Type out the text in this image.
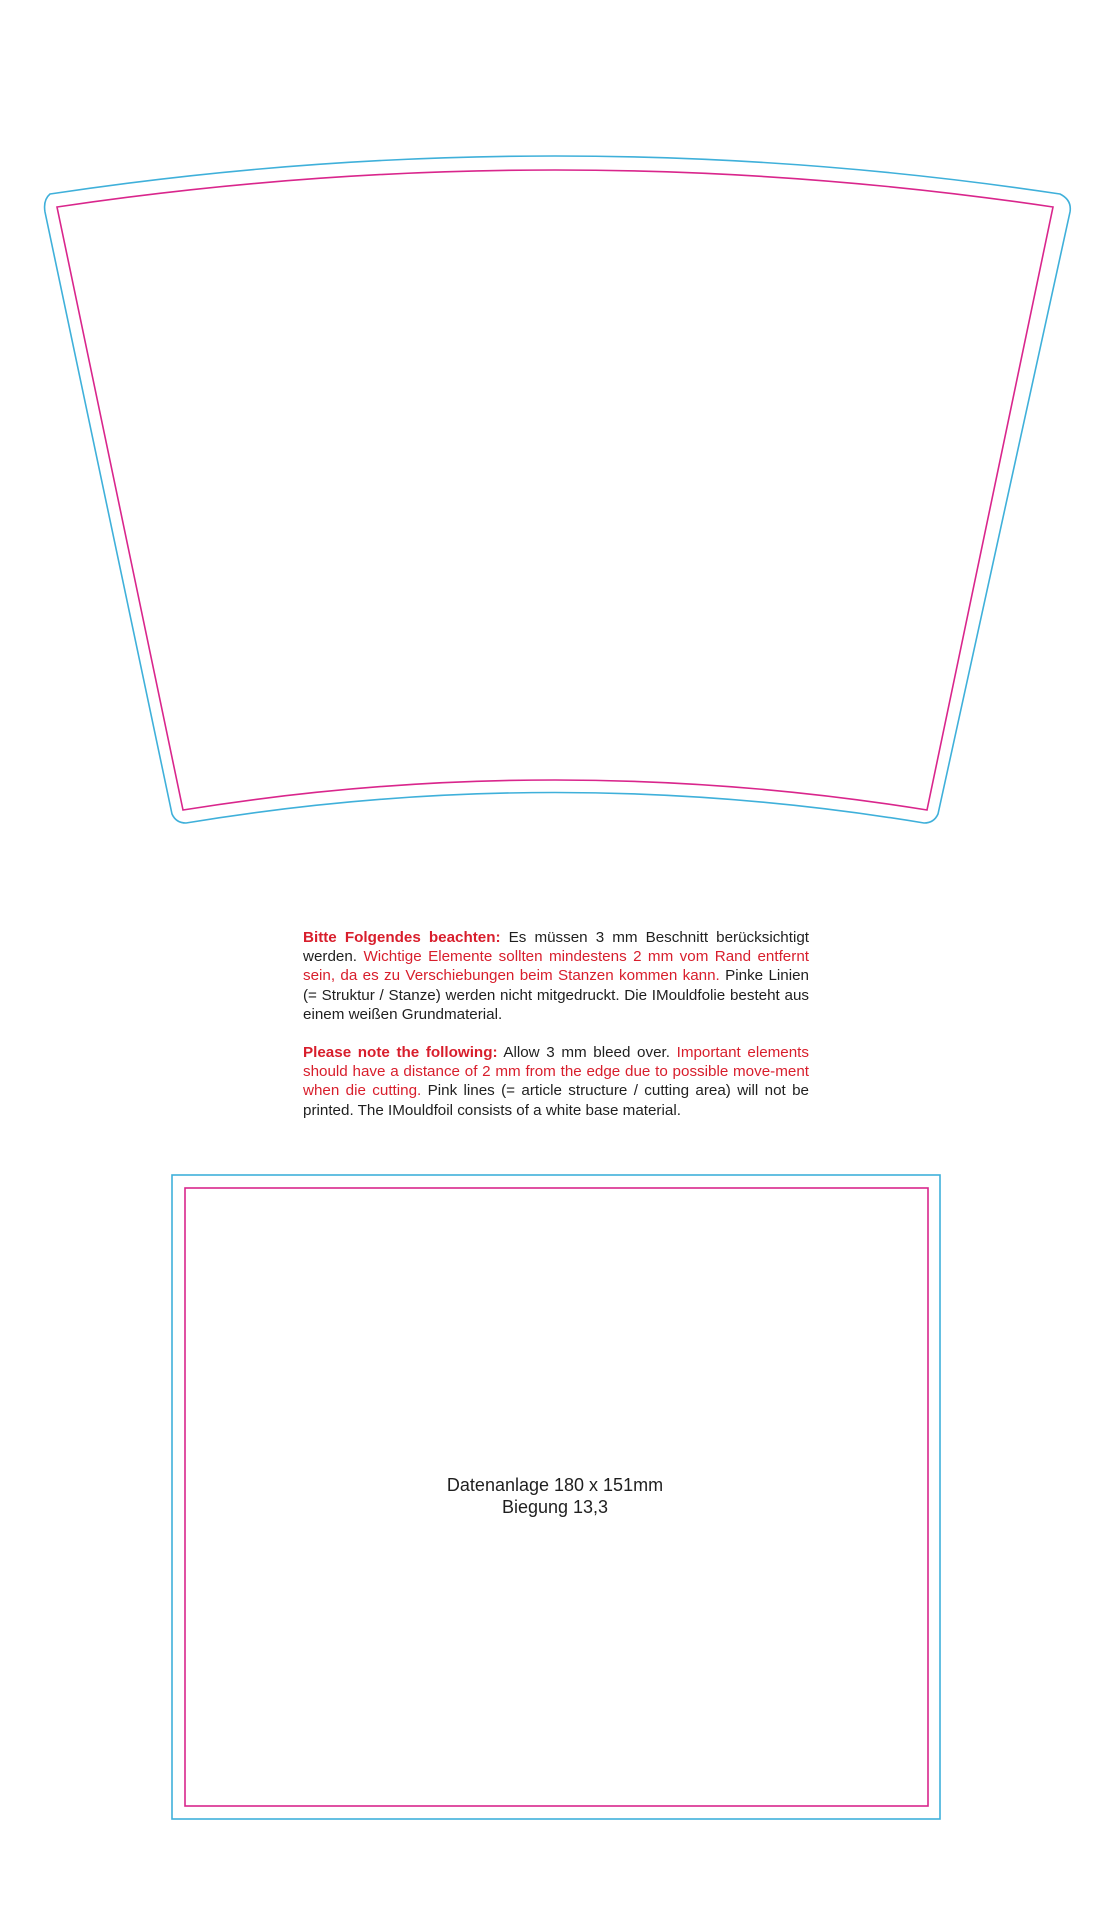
Bitte Folgendes beachten: Es müssen 3 mm Beschnitt berücksichtigt werden. Wichtige Elemente sollten mindestens 2 mm vom Rand entfernt sein, da es zu Verschiebungen beim Stanzen kommen kann. Pinke Linien (= Struktur / Stanze) werden nicht mitgedruckt. Die IMouldfolie besteht aus einem weißen Grundmaterial.

Please note the following: Allow 3 mm bleed over. Important elements should have a distance of 2 mm from the edge due to possible move-ment when die cutting. Pink lines (= article structure / cutting area) will not be printed. The IMouldfoil consists of a white base material.

Datenanlage 180 x 151mm
Biegung 13,3
